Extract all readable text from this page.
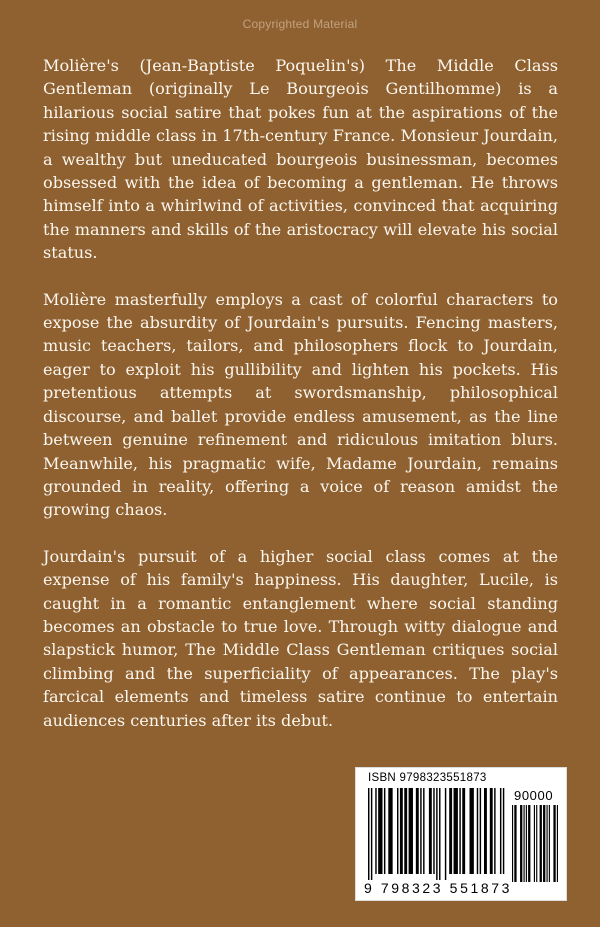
Copyrighted Material

Molière's (Jean-Baptiste Poquelin's) The Middle Class Gentleman (originally Le Bourgeois Gentilhomme) is a hilarious social satire that pokes fun at the aspirations of the rising middle class in 17th-century France. Monsieur Jourdain, a wealthy but uneducated bourgeois businessman, becomes obsessed with the idea of becoming a gentleman. He throws himself into a whirlwind of activities, convinced that acquiring the manners and skills of the aristocracy will elevate his social status.

Molière masterfully employs a cast of colorful characters to expose the absurdity of Jourdain's pursuits. Fencing masters, music teachers, tailors, and philosophers flock to Jourdain, eager to exploit his gullibility and lighten his pockets. His pretentious attempts at swordsmanship, philosophical discourse, and ballet provide endless amusement, as the line between genuine refinement and ridiculous imitation blurs. Meanwhile, his pragmatic wife, Madame Jourdain, remains grounded in reality, offering a voice of reason amidst the growing chaos.

Jourdain's pursuit of a higher social class comes at the expense of his family's happiness. His daughter, Lucile, is caught in a romantic entanglement where social standing becomes an obstacle to true love. Through witty dialogue and slapstick humor, The Middle Class Gentleman critiques social climbing and the superficiality of appearances. The play's farcical elements and timeless satire continue to entertain audiences centuries after its debut.

ISBN 9798323551873
90000
9 798323 551873
